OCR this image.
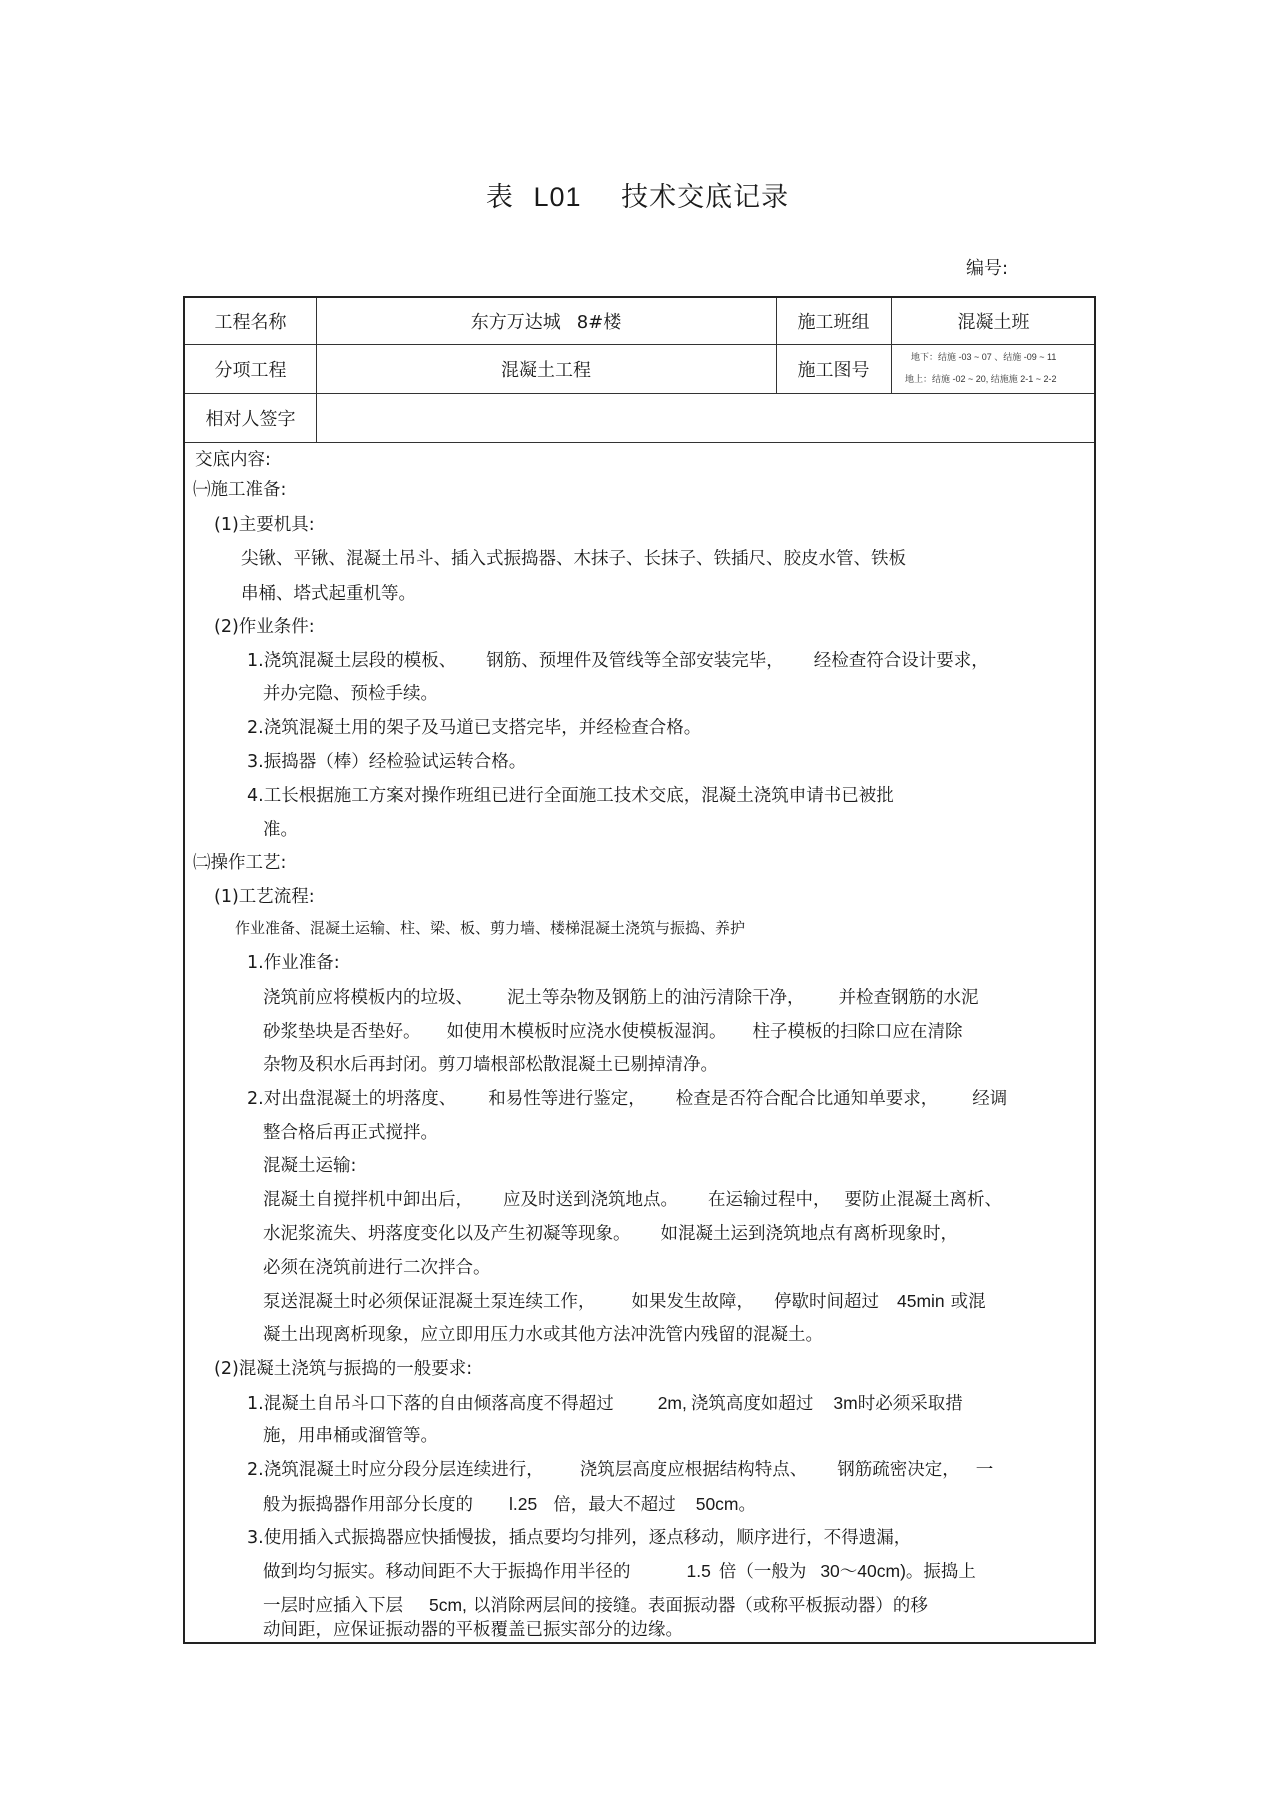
表 L01 技术交底记录
编号:
工程名称	东方万达城 8#楼	施工班组	混凝土班
分项工程	混凝土工程	施工图号
地下：结施 -03 ~ 07 、结施 -09 ~ 11
地上：结施 -02 ~ 20, 结施施 2-1 ~ 2-2
相对人签字
交底内容:
㈠施工准备:
(1)主要机具:
尖锹、平锹、混凝土吊斗、插入式振捣器、木抹子、长抹子、铁插尺、胶皮水管、铁板
串桶、塔式起重机等。
(2)作业条件:
1.浇筑混凝土层段的模板、 钢筋、预埋件及管线等全部安装完毕， 经检查符合设计要求，
并办完隐、预检手续。
2.浇筑混凝土用的架子及马道已支搭完毕，并经检查合格。
3.振捣器（棒）经检验试运转合格。
4.工长根据施工方案对操作班组已进行全面施工技术交底，混凝土浇筑申请书已被批
准。
㈡操作工艺:
(1)工艺流程:
作业准备、混凝土运输、柱、梁、板、剪力墙、楼梯混凝土浇筑与振捣、养护
1.作业准备:
浇筑前应将模板内的垃圾、 泥土等杂物及钢筋上的油污清除干净， 并检查钢筋的水泥
砂浆垫块是否垫好。 如使用木模板时应浇水使模板湿润。 柱子模板的扫除口应在清除
杂物及积水后再封闭。剪刀墙根部松散混凝土已剔掉清净。
2.对出盘混凝土的坍落度、 和易性等进行鉴定， 检查是否符合配合比通知单要求， 经调
整合格后再正式搅拌。
混凝土运输:
混凝土自搅拌机中卸出后， 应及时送到浇筑地点。 在运输过程中， 要防止混凝土离析、
水泥浆流失、坍落度变化以及产生初凝等现象。 如混凝土运到浇筑地点有离析现象时，
必须在浇筑前进行二次拌合。
泵送混凝土时必须保证混凝土泵连续工作， 如果发生故障， 停歇时间超过 45min 或混
凝土出现离析现象，应立即用压力水或其他方法冲洗管内残留的混凝土。
(2)混凝土浇筑与振捣的一般要求:
1.混凝土自吊斗口下落的自由倾落高度不得超过	2m, 浇筑高度如超过 3m时必须采取措
施，用串桶或溜管等。
2.浇筑混凝土时应分段分层连续进行， 浇筑层高度应根据结构特点、 钢筋疏密决定， 一
般为振捣器作用部分长度的 l.25 倍，最大不超过 50cm。
3.使用插入式振捣器应快插慢拔，插点要均匀排列，逐点移动，顺序进行，不得遗漏，
做到均匀振实。移动间距不大于振捣作用半径的	1.5 倍（一般为 30～40cm)。振捣上
一层时应插入下层 5cm, 以消除两层间的接缝。表面振动器（或称平板振动器）的移
动间距，应保证振动器的平板覆盖已振实部分的边缘。
